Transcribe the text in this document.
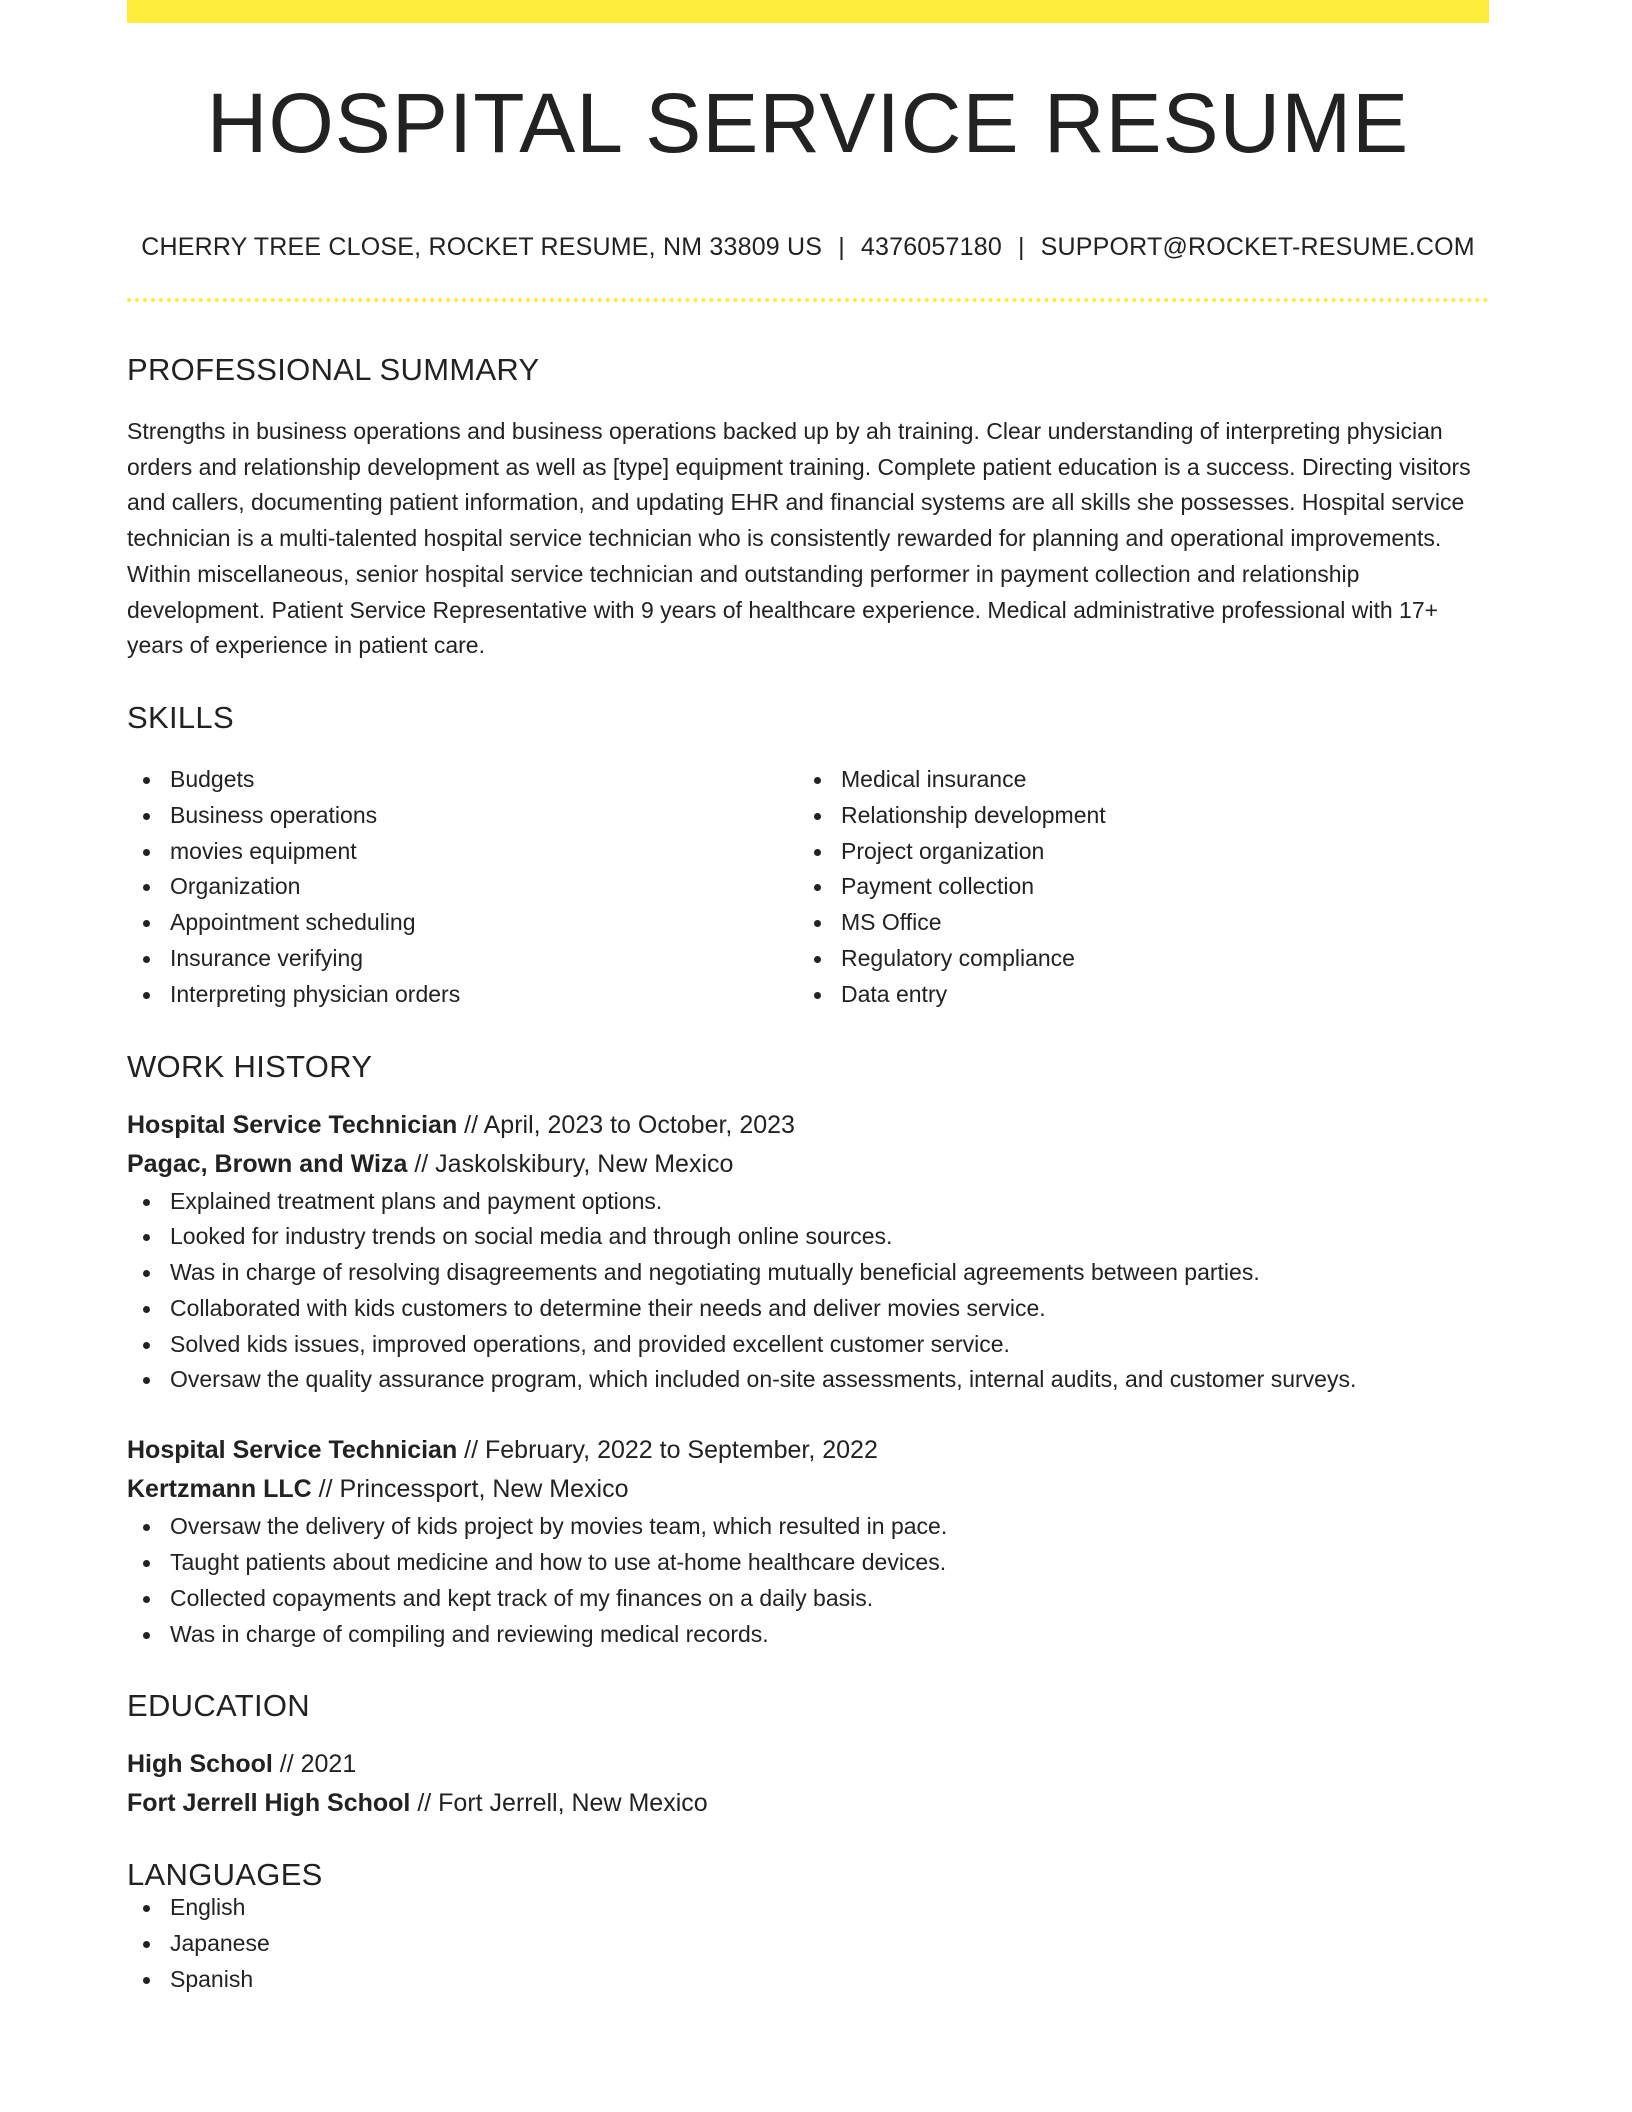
HOSPITAL SERVICE RESUME
CHERRY TREE CLOSE, ROCKET RESUME, NM 33809 US | 4376057180 | SUPPORT@ROCKET-RESUME.COM
PROFESSIONAL SUMMARY
Strengths in business operations and business operations backed up by ah training. Clear understanding of interpreting physician orders and relationship development as well as [type] equipment training. Complete patient education is a success. Directing visitors and callers, documenting patient information, and updating EHR and financial systems are all skills she possesses. Hospital service technician is a multi-talented hospital service technician who is consistently rewarded for planning and operational improvements. Within miscellaneous, senior hospital service technician and outstanding performer in payment collection and relationship development. Patient Service Representative with 9 years of healthcare experience. Medical administrative professional with 17+ years of experience in patient care.
SKILLS
Budgets
Business operations
movies equipment
Organization
Appointment scheduling
Insurance verifying
Interpreting physician orders
Medical insurance
Relationship development
Project organization
Payment collection
MS Office
Regulatory compliance
Data entry
WORK HISTORY
Hospital Service Technician // April, 2023 to October, 2023
Pagac, Brown and Wiza // Jaskolskibury, New Mexico
Explained treatment plans and payment options.
Looked for industry trends on social media and through online sources.
Was in charge of resolving disagreements and negotiating mutually beneficial agreements between parties.
Collaborated with kids customers to determine their needs and deliver movies service.
Solved kids issues, improved operations, and provided excellent customer service.
Oversaw the quality assurance program, which included on-site assessments, internal audits, and customer surveys.
Hospital Service Technician // February, 2022 to September, 2022
Kertzmann LLC // Princessport, New Mexico
Oversaw the delivery of kids project by movies team, which resulted in pace.
Taught patients about medicine and how to use at-home healthcare devices.
Collected copayments and kept track of my finances on a daily basis.
Was in charge of compiling and reviewing medical records.
EDUCATION
High School // 2021
Fort Jerrell High School // Fort Jerrell, New Mexico
LANGUAGES
English
Japanese
Spanish
